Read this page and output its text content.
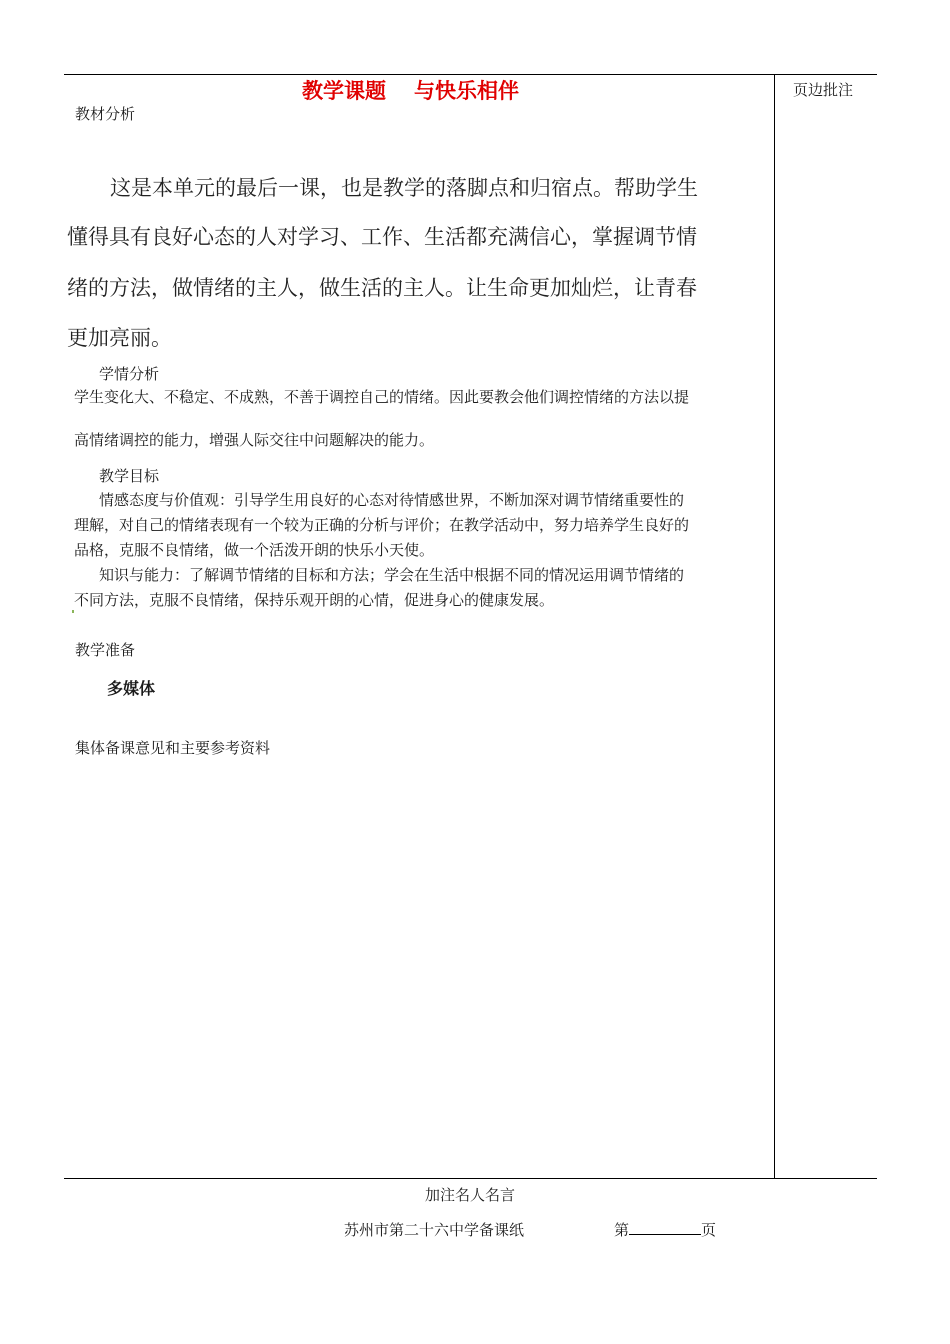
教学课题 与快乐相伴	页边批注
教材分析
这是本单元的最后一课，也是教学的落脚点和归宿点。帮助学生
懂得具有良好心态的人对学习、工作、生活都充满信心，掌握调节情
绪的方法，做情绪的主人，做生活的主人。让生命更加灿烂，让青春
更加亮丽。
学情分析
学生变化大、不稳定、不成熟，不善于调控自己的情绪。因此要教会他们调控情绪的方法以提
高情绪调控的能力，增强人际交往中问题解决的能力。
教学目标
情感态度与价值观：引导学生用良好的心态对待情感世界，不断加深对调节情绪重要性的
理解，对自己的情绪表现有一个较为正确的分析与评价；在教学活动中，努力培养学生良好的
品格，克服不良情绪，做一个活泼开朗的快乐小天使。
知识与能力：了解调节情绪的目标和方法；学会在生活中根据不同的情况运用调节情绪的
不同方法，克服不良情绪，保持乐观开朗的心情，促进身心的健康发展。
教学准备
多媒体
集体备课意见和主要参考资料
加注名人名言
苏州市第二十六中学备课纸	第	页
